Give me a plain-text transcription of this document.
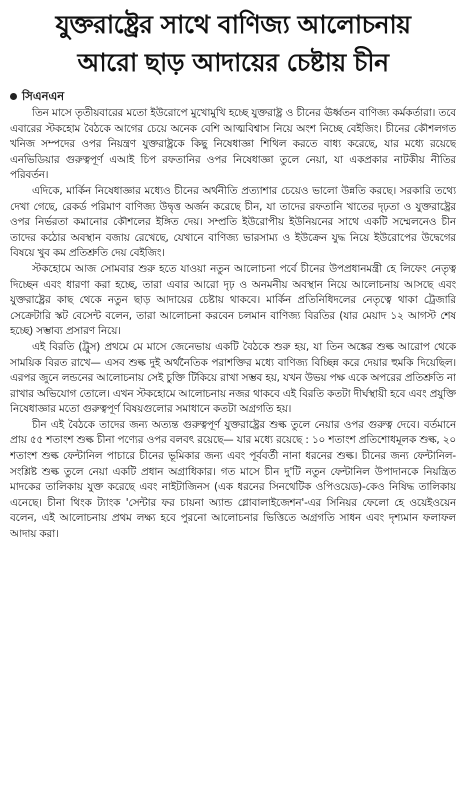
যুক্তরাষ্ট্রের সাথে বাণিজ্য আলোচনায়
আরো ছাড় আদায়ের চেষ্টায় চীন
সিএনএন

তিন মাসে তৃতীয়বারের মতো ইউরোপে মুখোমুখি হচ্ছে যুক্তরাষ্ট্র ও চীনের ঊর্ধ্বতন বাণিজ্য কর্মকর্তারা। তবে এবারের স্টকহোম বৈঠকে আগের চেয়ে অনেক বেশি আত্মবিশ্বাস নিয়ে অংশ নিচ্ছে বেইজিং। চীনের কৌশলগত খনিজ সম্পদের ওপর নিয়ন্ত্রণ যুক্তরাষ্ট্রকে কিছু নিষেধাজ্ঞা শিথিল করতে বাধ্য করেছে, যার মধ্যে রয়েছে এনভিডিয়ার গুরুত্বপূর্ণ এআই চিপ রফতানির ওপর নিষেধাজ্ঞা তুলে নেয়া, যা একপ্রকার নাটকীয় নীতির পরিবর্তন।

এদিকে, মার্কিন নিষেধাজ্ঞার মধ্যেও চীনের অর্থনীতি প্রত্যাশার চেয়েও ভালো উন্নতি করছে। সরকারি তথ্যে দেখা গেছে, রেকর্ড পরিমাণ বাণিজ্য উদ্বৃত্ত অর্জন করেছে চীন, যা তাদের রফতানি খাতের দৃঢ়তা ও যুক্তরাষ্ট্রের ওপর নির্ভরতা কমানোর কৌশলের ইঙ্গিত দেয়। সম্প্রতি ইউরোপীয় ইউনিয়নের সাথে একটি সম্মেলনেও চীন তাদের কঠোর অবস্থান বজায় রেখেছে, যেখানে বাণিজ্য ভারসাম্য ও ইউক্রেন যুদ্ধ নিয়ে ইউরোপের উদ্বেগের বিষয়ে খুব কম প্রতিশ্রুতি দেয় বেইজিং।

স্টকহোমে আজ সোমবার শুরু হতে যাওয়া নতুন আলোচনা পর্বে চীনের উপপ্রধানমন্ত্রী হে লিফেং নেতৃত্ব দিচ্ছেন এবং ধারণা করা হচ্ছে, তারা এবার আরো দৃঢ় ও অনমনীয় অবস্থান নিয়ে আলোচনায় আসছে এবং যুক্তরাষ্ট্রের কাছ থেকে নতুন ছাড় আদায়ের চেষ্টায় থাকবে। মার্কিন প্রতিনিধিদলের নেতৃত্বে থাকা ট্রেজারি সেক্রেটারি স্কট বেসেন্ট বলেন, তারা আলোচনা করবেন চলমান বাণিজ্য বিরতির (যার মেয়াদ ১২ আগস্ট শেষ হচ্ছে) সম্ভাব্য প্রসারণ নিয়ে।

এই বিরতি (ট্রুস) প্রথমে মে মাসে জেনেভায় একটি বৈঠকে শুরু হয়, যা তিন অঙ্কের শুল্ক আরোপ থেকে সাময়িক বিরত রাখে— এসব শুল্ক দুই অর্থনৈতিক পরাশক্তির মধ্যে বাণিজ্য বিচ্ছিন্ন করে দেয়ার হুমকি দিয়েছিল। এরপর জুনে লন্ডনের আলোচনায় সেই চুক্তি টিকিয়ে রাখা সম্ভব হয়, যখন উভয় পক্ষ একে অপরের প্রতিশ্রুতি না রাখার অভিযোগ তোলে। এখন স্টকহোমে আলোচনায় নজর থাকবে এই বিরতি কতটা দীর্ঘস্থায়ী হবে এবং প্রযুক্তি নিষেধাজ্ঞার মতো গুরুত্বপূর্ণ বিষয়গুলোর সমাধানে কতটা অগ্রগতি হয়।

চীন এই বৈঠকে তাদের জন্য অত্যন্ত গুরুত্বপূর্ণ যুক্তরাষ্ট্রের শুল্ক তুলে নেয়ার ওপর গুরুত্ব দেবে। বর্তমানে প্রায় ৫৫ শতাংশ শুল্ক চীনা পণ্যের ওপর বলবৎ রয়েছে— যার মধ্যে রয়েছে : ১০ শতাংশ প্রতিশোধমূলক শুল্ক, ২০ শতাংশ শুল্ক ফেন্টানিল পাচারে চীনের ভূমিকার জন্য এবং পূর্ববর্তী নানা ধরনের শুল্ক। চীনের জন্য ফেন্টানিল-সংশ্লিষ্ট শুল্ক তুলে নেয়া একটি প্রধান অগ্রাধিকার। গত মাসে চীন দু'টি নতুন ফেন্টানিল উপাদানকে নিয়ন্ত্রিত মাদকের তালিকায় যুক্ত করেছে এবং নাইটাজিনস (এক ধরনের সিনথেটিক ওপিওয়েড)-কেও নিষিদ্ধ তালিকায় এনেছে। চীনা থিংক ট্যাংক 'সেন্টার ফর চায়না অ্যান্ড গ্লোবালাইজেশন'-এর সিনিয়র ফেলো হে ওয়েইওয়েন বলেন, এই আলোচনায় প্রথম লক্ষ্য হবে পুরনো আলোচনার ভিত্তিতে অগ্রগতি সাধন এবং দৃশ্যমান ফলাফল আদায় করা।
